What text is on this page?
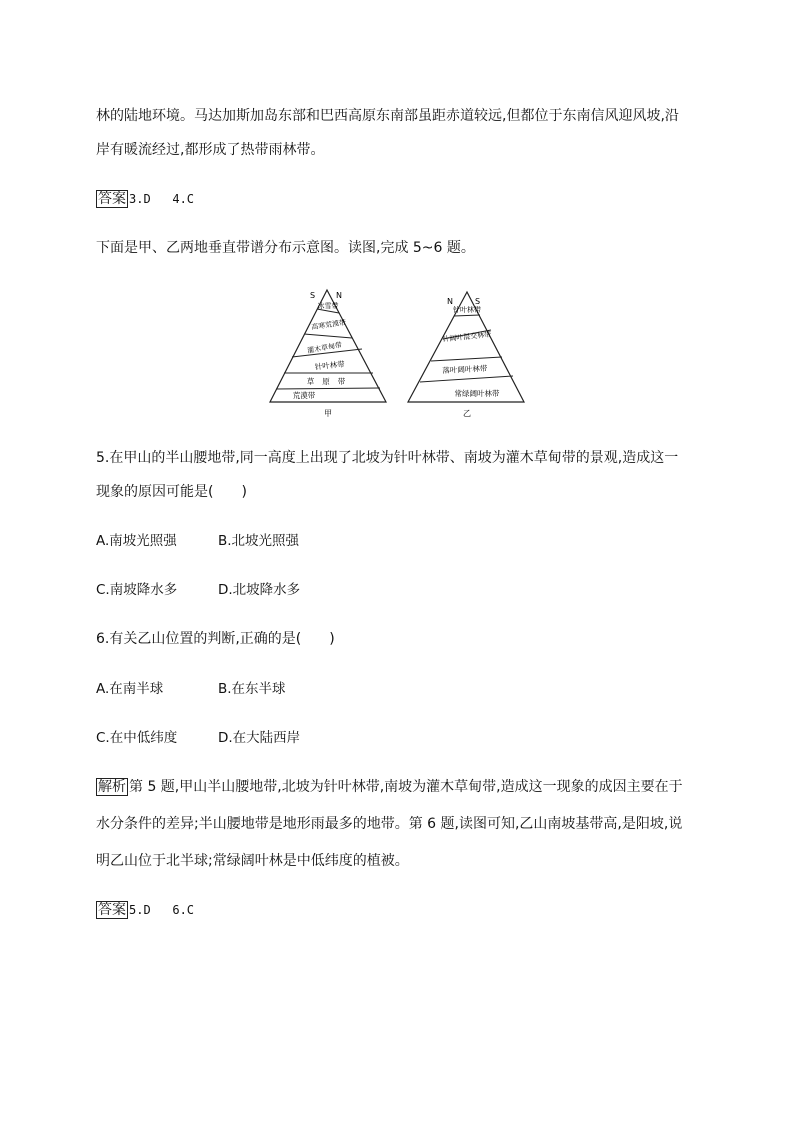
林的陆地环境。马达加斯加岛东部和巴西高原东南部虽距赤道较远,但都位于东南信风迎风坡,沿
岸有暖流经过,都形成了热带雨林带。
答案 3.D   4.C
下面是甲、乙两地垂直带谱分布示意图。读图,完成 5~6 题。
S	N
冰雪带
高寒荒漠带
灌木草甸带
针叶林带
草原带
荒漠带
甲
N	S
针叶林带
针阔叶混交林带
落叶阔叶林带
常绿阔叶林带
乙
5.在甲山的半山腰地带,同一高度上出现了北坡为针叶林带、南坡为灌木草甸带的景观,造成这一
现象的原因可能是(　　)
A.南坡光照强	B.北坡光照强
C.南坡降水多	D.北坡降水多
6.有关乙山位置的判断,正确的是(　　)
A.在南半球	B.在东半球
C.在中低纬度	D.在大陆西岸
解析 第 5 题,甲山半山腰地带,北坡为针叶林带,南坡为灌木草甸带,造成这一现象的成因主要在于
水分条件的差异;半山腰地带是地形雨最多的地带。第 6 题,读图可知,乙山南坡基带高,是阳坡,说
明乙山位于北半球;常绿阔叶林是中低纬度的植被。
答案 5.D   6.C
